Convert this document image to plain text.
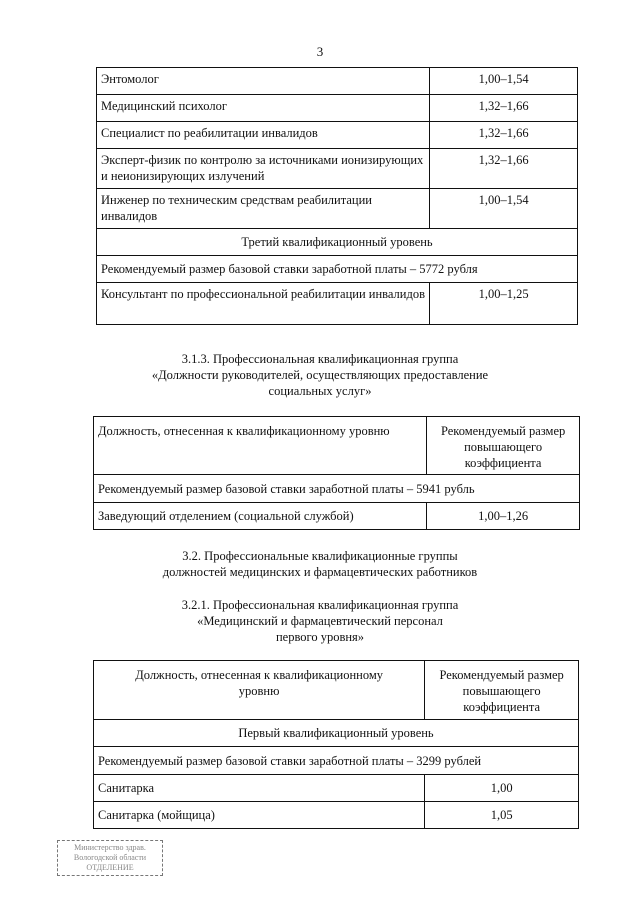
3
Энтомолог	1,00–1,54
Медицинский психолог	1,32–1,66
Специалист по реабилитации инвалидов	1,32–1,66
Эксперт-физик по контролю за источниками ионизирующих и неионизирующих излучений	1,32–1,66
Инженер по техническим средствам реабилитации инвалидов	1,00–1,54
Третий квалификационный уровень	
Рекомендуемый размер базовой ставки заработной платы – 5772 рубля	
Консультант по профессиональной реабилитации инвалидов	1,00–1,25
3.1.3. Профессиональная квалификационная группа
«Должности руководителей, осуществляющих предоставление
социальных услуг»
Должность, отнесенная к квалификационному уровню	Рекомендуемый размер повышающего коэффициента
Рекомендуемый размер базовой ставки заработной платы – 5941 рубль	
Заведующий отделением (социальной службой)	1,00–1,26
3.2. Профессиональные квалификационные группы
должностей медицинских и фармацевтических работников
3.2.1. Профессиональная квалификационная группа
«Медицинский и фармацевтический персонал
первого уровня»
Должность, отнесенная к квалификационному уровню	Рекомендуемый размер повышающего коэффициента
Первый квалификационный уровень	
Рекомендуемый размер базовой ставки заработной платы – 3299 рублей	
Санитарка	1,00
Санитарка (мойщица)	1,05
Министерство здрав.
Вологодской области
ОТДЕЛЕНИЕ
